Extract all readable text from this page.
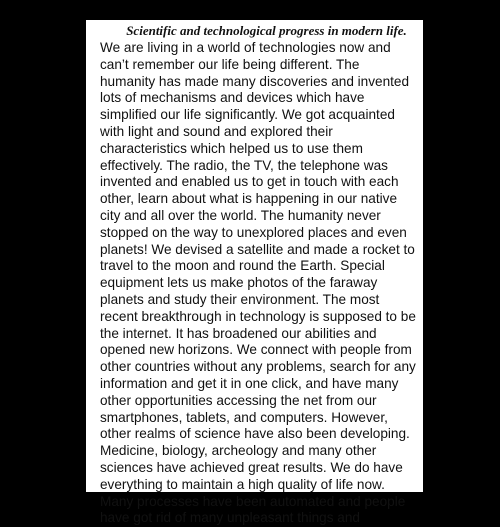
Scientific and technological progress in modern life.
We are living in a world of technologies now and
can’t remember our life being different. The
humanity has made many discoveries and invented
lots of mechanisms and devices which have
simplified our life significantly. We got acquainted
with light and sound and explored their
characteristics which helped us to use them
effectively. The radio, the TV, the telephone was
invented and enabled us to get in touch with each
other, learn about what is happening in our native
city and all over the world. The humanity never
stopped on the way to unexplored places and even
planets! We devised a satellite and made a rocket to
travel to the moon and round the Earth. Special
equipment lets us make photos of the faraway
planets and study their environment. The most
recent breakthrough in technology is supposed to be
the internet. It has broadened our abilities and
opened new horizons. We connect with people from
other countries without any problems, search for any
information and get it in one click, and have many
other opportunities accessing the net from our
smartphones, tablets, and computers. However,
other realms of science have also been developing.
Medicine, biology, archeology and many other
sciences have achieved great results. We do have
everything to maintain a high quality of life now.
Many processes have been automated and people
have got rid of many unpleasant things and
